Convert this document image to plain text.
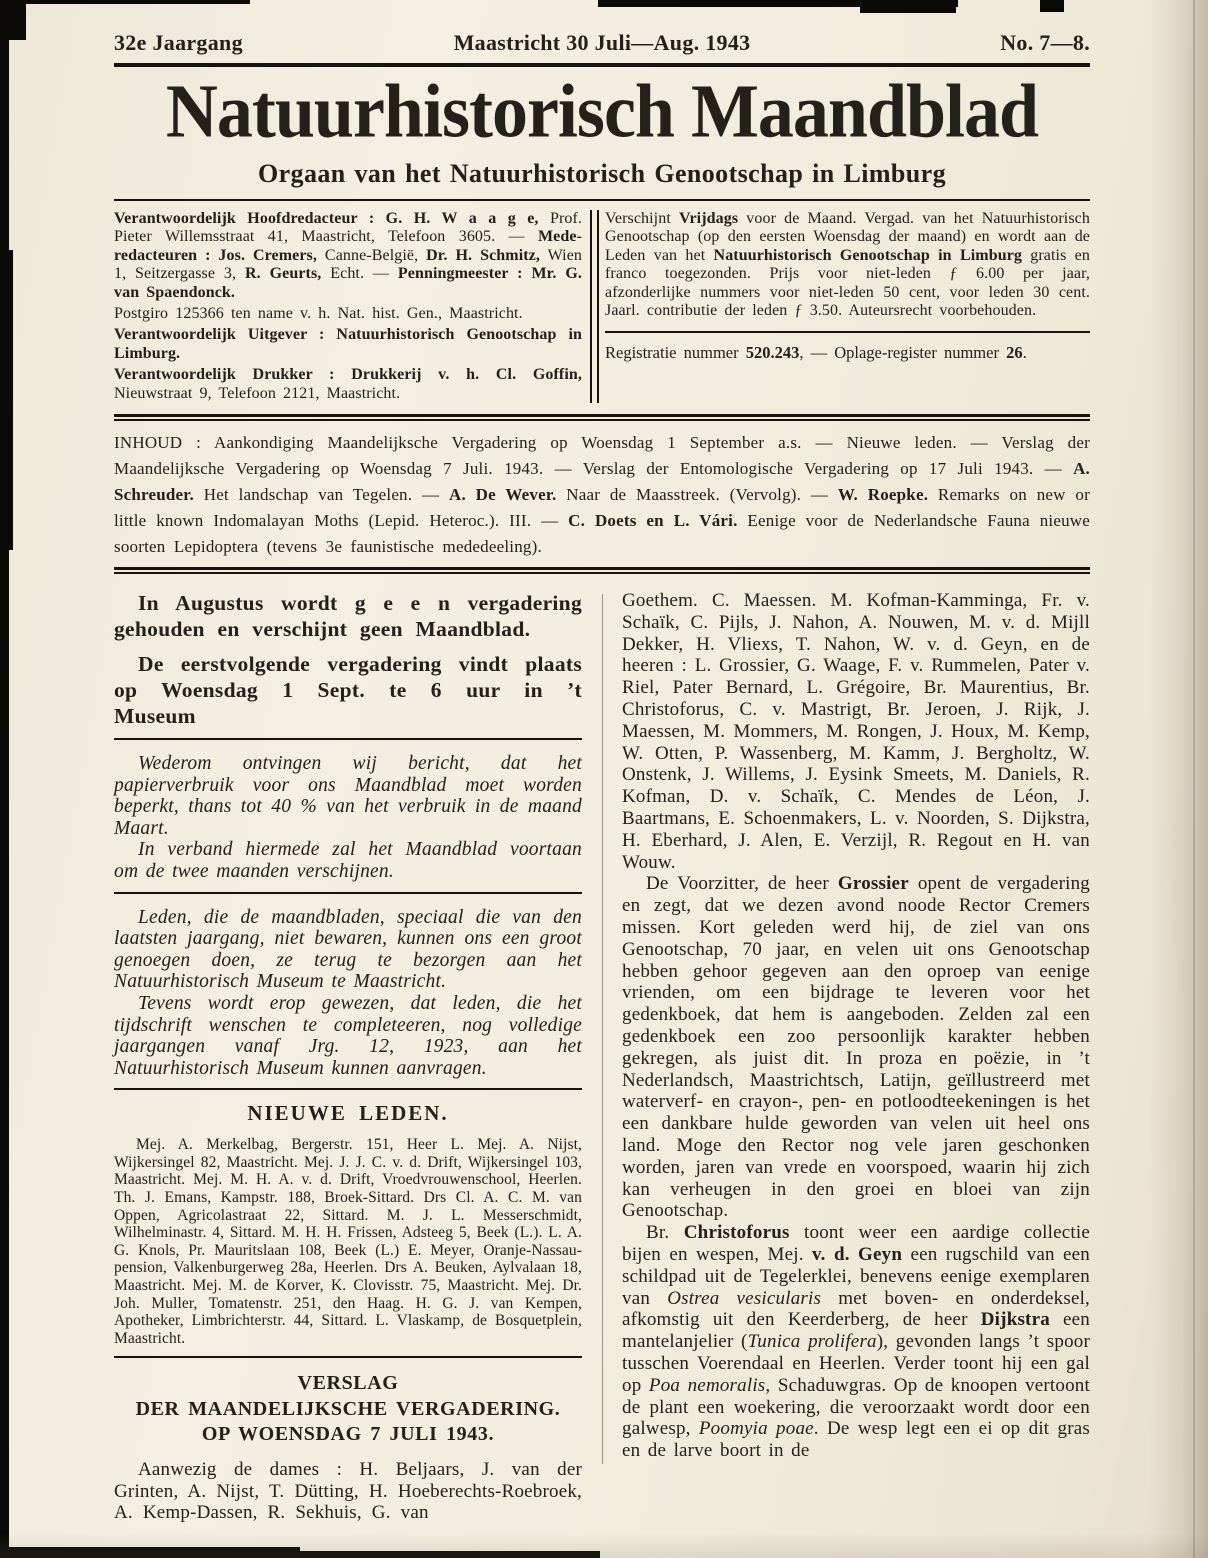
32e Jaargang	Maastricht 30 Juli—Aug. 1943	No. 7—8.
Natuurhistorisch Maandblad
Orgaan van het Natuurhistorisch Genootschap in Limburg

Verantwoordelijk Hoofdredacteur : G. H. W a a g e, Prof. Pieter Willemsstraat 41, Maastricht, Telefoon 3605. — Mede-redacteuren : Jos. Cremers, Canne-België, Dr. H. Schmitz, Wien 1, Seitzergasse 3, R. Geurts, Echt. — Penningmeester : Mr. G. van Spaendonck.

Postgiro 125366 ten name v. h. Nat. hist. Gen., Maastricht.

Verantwoordelijk Uitgever : Natuurhistorisch Genootschap in Limburg.

Verantwoordelijk Drukker : Drukkerij v. h. Cl. Goffin, Nieuwstraat 9, Telefoon 2121, Maastricht.

Verschijnt Vrijdags voor de Maand. Vergad. van het Natuurhistorisch Genootschap (op den eersten Woensdag der maand) en wordt aan de Leden van het Natuurhistorisch Genootschap in Limburg gratis en franco toegezonden. Prijs voor niet-leden ƒ 6.00 per jaar, afzonderlijke nummers voor niet-leden 50 cent, voor leden 30 cent. Jaarl. contributie der leden ƒ 3.50. Auteursrecht voorbehouden.

Registratie nummer 520.243, — Oplage-register nummer 26.

INHOUD : Aankondiging Maandelijksche Vergadering op Woensdag 1 September a.s. — Nieuwe leden. — Verslag der Maandelijksche Vergadering op Woensdag 7 Juli. 1943. — Verslag der Entomologische Vergadering op 17 Juli 1943. — A. Schreuder. Het landschap van Tegelen. — A. De Wever. Naar de Maasstreek. (Vervolg). — W. Roepke. Remarks on new or little known Indomalayan Moths (Lepid. Heteroc.). III. — C. Doets en L. Vári. Eenige voor de Nederlandsche Fauna nieuwe soorten Lepidoptera (tevens 3e faunistische mededeeling).

In Augustus wordt g e e n vergadering gehouden en verschijnt geen Maandblad.

De eerstvolgende vergadering vindt plaats op Woensdag 1 Sept. te 6 uur in ’t Museum

Wederom ontvingen wij bericht, dat het papierverbruik voor ons Maandblad moet worden beperkt, thans tot 40 % van het verbruik in de maand Maart.

In verband hiermede zal het Maandblad voortaan om de twee maanden verschijnen.

Leden, die de maandbladen, speciaal die van den laatsten jaargang, niet bewaren, kunnen ons een groot genoegen doen, ze terug te bezorgen aan het Natuurhistorisch Museum te Maastricht.

Tevens wordt erop gewezen, dat leden, die het tijdschrift wenschen te completeeren, nog volledige jaargangen vanaf Jrg. 12, 1923, aan het Natuurhistorisch Museum kunnen aanvragen.

NIEUWE LEDEN.

Mej. A. Merkelbag, Bergerstr. 151, Heer L. Mej. A. Nijst, Wijkersingel 82, Maastricht. Mej. J. J. C. v. d. Drift, Wijkersingel 103, Maastricht. Mej. M. H. A. v. d. Drift, Vroedvrouwenschool, Heerlen. Th. J. Emans, Kampstr. 188, Broek-Sittard. Drs Cl. A. C. M. van Oppen, Agricolastraat 22, Sittard. M. J. L. Messerschmidt, Wilhelminastr. 4, Sittard. M. H. H. Frissen, Adsteeg 5, Beek (L.). L. A. G. Knols, Pr. Mauritslaan 108, Beek (L.) E. Meyer, Oranje-Nassau-pension, Valkenburgerweg 28a, Heerlen. Drs A. Beuken, Aylvalaan 18, Maastricht. Mej. M. de Korver, K. Clovisstr. 75, Maastricht. Mej. Dr. Joh. Muller, Tomatenstr. 251, den Haag. H. G. J. van Kempen, Apotheker, Limbrichterstr. 44, Sittard. L. Vlaskamp, de Bosquetplein, Maastricht.

VERSLAG
DER MAANDELIJKSCHE VERGADERING.
OP WOENSDAG 7 JULI 1943.

Aanwezig de dames : H. Beljaars, J. van der Grinten, A. Nijst, T. Dütting, H. Hoeberechts-Roebroek, A. Kemp-Dassen, R. Sekhuis, G. van

Goethem. C. Maessen. M. Kofman-Kamminga, Fr. v. Schaïk, C. Pijls, J. Nahon, A. Nouwen, M. v. d. Mijll Dekker, H. Vliexs, T. Nahon, W. v. d. Geyn, en de heeren : L. Grossier, G. Waage, F. v. Rummelen, Pater v. Riel, Pater Bernard, L. Grégoire, Br. Maurentius, Br. Christoforus, C. v. Mastrigt, Br. Jeroen, J. Rijk, J. Maessen, M. Mommers, M. Rongen, J. Houx, M. Kemp, W. Otten, P. Wassenberg, M. Kamm, J. Bergholtz, W. Onstenk, J. Willems, J. Eysink Smeets, M. Daniels, R. Kofman, D. v. Schaïk, C. Mendes de Léon, J. Baartmans, E. Schoenmakers, L. v. Noorden, S. Dijkstra, H. Eberhard, J. Alen, E. Verzijl, R. Regout en H. van Wouw.

De Voorzitter, de heer Grossier opent de vergadering en zegt, dat we dezen avond noode Rector Cremers missen. Kort geleden werd hij, de ziel van ons Genootschap, 70 jaar, en velen uit ons Genootschap hebben gehoor gegeven aan den oproep van eenige vrienden, om een bijdrage te leveren voor het gedenkboek, dat hem is aangeboden. Zelden zal een gedenkboek een zoo persoonlijk karakter hebben gekregen, als juist dit. In proza en poëzie, in ’t Nederlandsch, Maastrichtsch, Latijn, geïllustreerd met waterverf- en crayon-, pen- en potloodteekeningen is het een dankbare hulde geworden van velen uit heel ons land. Moge den Rector nog vele jaren geschonken worden, jaren van vrede en voorspoed, waarin hij zich kan verheugen in den groei en bloei van zijn Genootschap.

Br. Christoforus toont weer een aardige collectie bijen en wespen, Mej. v. d. Geyn een rugschild van een schildpad uit de Tegelerklei, benevens eenige exemplaren van Ostrea vesicularis met boven- en onderdeksel, afkomstig uit den Keerderberg, de heer Dijkstra een mantelanjelier (Tunica prolifera), gevonden langs ’t spoor tusschen Voerendaal en Heerlen. Verder toont hij een gal op Poa nemoralis, Schaduwgras. Op de knoopen vertoont de plant een woekering, die veroorzaakt wordt door een galwesp, Poomyia poae. De wesp legt een ei op dit gras en de larve boort in de
